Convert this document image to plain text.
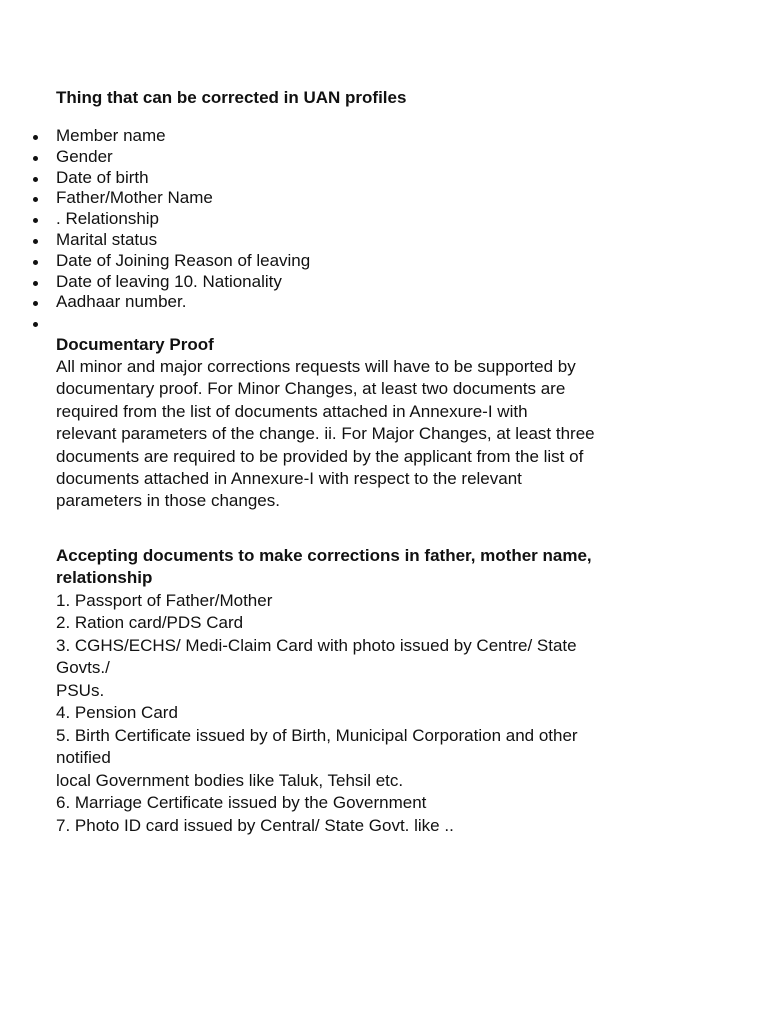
Thing that can be corrected in UAN profiles

Member name
Gender
Date of birth
Father/Mother Name
. Relationship
Marital status
Date of Joining Reason of leaving
Date of leaving 10. Nationality
Aadhaar number.

Documentary Proof

All minor and major corrections requests will have to be supported by

documentary proof. For Minor Changes, at least two documents are

required from the list of documents attached in Annexure-I with

relevant parameters of the change. ii. For Major Changes, at least three

documents are required to be provided by the applicant from the list of

documents attached in Annexure-I with respect to the relevant

parameters in those changes.

Accepting documents to make corrections in father, mother name,

relationship

1. Passport of Father/Mother

2. Ration card/PDS Card

3. CGHS/ECHS/ Medi-Claim Card with photo issued by Centre/ State

Govts./

PSUs.

4. Pension Card

5. Birth Certificate issued by of Birth, Municipal Corporation and other

notified

local Government bodies like Taluk, Tehsil etc.

6. Marriage Certificate issued by the Government

7. Photo ID card issued by Central/ State Govt. like ..
